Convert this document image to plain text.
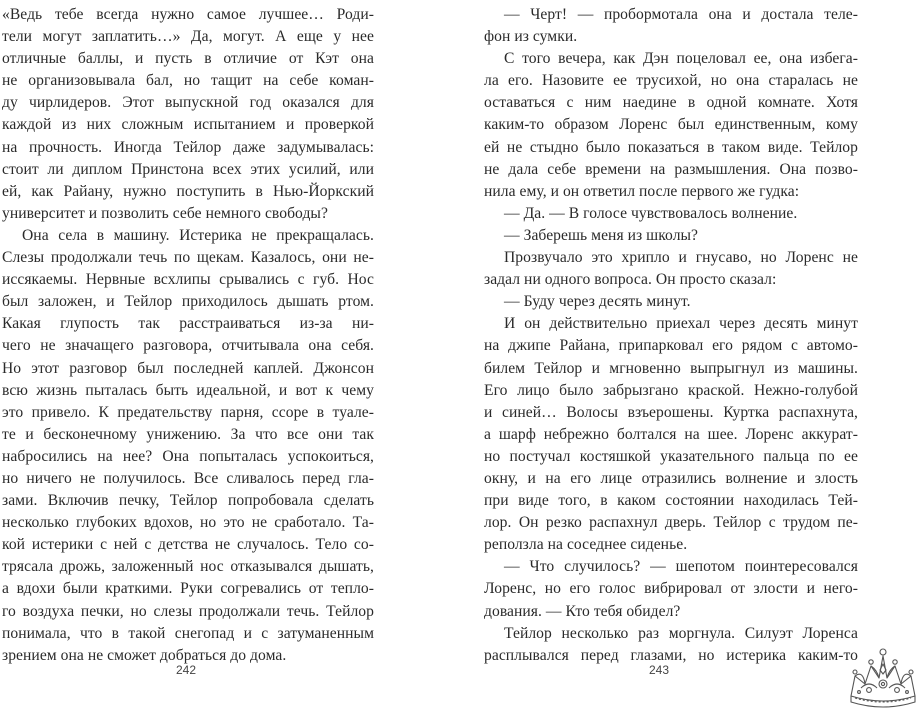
«Ведь тебе всегда нужно самое лучшее… Роди-
тели могут заплатить…» Да, могут. А еще у нее
отличные баллы, и пусть в отличие от Кэт она
не организовывала бал, но тащит на себе коман-
ду чирлидеров. Этот выпускной год оказался для
каждой из них сложным испытанием и проверкой
на прочность. Иногда Тейлор даже задумывалась:
стоит ли диплом Принстона всех этих усилий, или
ей, как Райану, нужно поступить в Нью-Йоркский
университет и позволить себе немного свободы?
Она села в машину. Истерика не прекращалась.
Слезы продолжали течь по щекам. Казалось, они не-
иссякаемы. Нервные всхлипы срывались с губ. Нос
был заложен, и Тейлор приходилось дышать ртом.
Какая глупость так расстраиваться из-за ни-
чего не значащего разговора, отчитывала она себя.
Но этот разговор был последней каплей. Джонсон
всю жизнь пыталась быть идеальной, и вот к чему
это привело. К предательству парня, ссоре в туале-
те и бесконечному унижению. За что все они так
набросились на нее? Она попыталась успокоиться,
но ничего не получилось. Все сливалось перед гла-
зами. Включив печку, Тейлор попробовала сделать
несколько глубоких вдохов, но это не сработало. Та-
кой истерики с ней с детства не случалось. Тело со-
трясала дрожь, заложенный нос отказывался дышать,
а вдохи были краткими. Руки согревались от тепло-
го воздуха печки, но слезы продолжали течь. Тейлор
понимала, что в такой снегопад и с затуманенным
зрением она не сможет добраться до дома.
242
— Черт! — пробормотала она и достала теле-
фон из сумки.
С того вечера, как Дэн поцеловал ее, она избега-
ла его. Назовите ее трусихой, но она старалась не
оставаться с ним наедине в одной комнате. Хотя
каким-то образом Лоренс был единственным, кому
ей не стыдно было показаться в таком виде. Тейлор
не дала себе времени на размышления. Она позво-
нила ему, и он ответил после первого же гудка:
— Да. — В голосе чувствовалось волнение.
— Заберешь меня из школы?
Прозвучало это хрипло и гнусаво, но Лоренс не
задал ни одного вопроса. Он просто сказал:
— Буду через десять минут.
И он действительно приехал через десять минут
на джипе Райана, припарковал его рядом с автомо-
билем Тейлор и мгновенно выпрыгнул из машины.
Его лицо было забрызгано краской. Нежно-голубой
и синей… Волосы взъерошены. Куртка распахнута,
а шарф небрежно болтался на шее. Лоренс аккурат-
но постучал костяшкой указательного пальца по ее
окну, и на его лице отразились волнение и злость
при виде того, в каком состоянии находилась Тей-
лор. Он резко распахнул дверь. Тейлор с трудом пе-
реползла на соседнее сиденье.
— Что случилось? — шепотом поинтересовался
Лоренс, но его голос вибрировал от злости и него-
дования. — Кто тебя обидел?
Тейлор несколько раз моргнула. Силуэт Лоренса
расплывался перед глазами, но истерика каким-то
243
